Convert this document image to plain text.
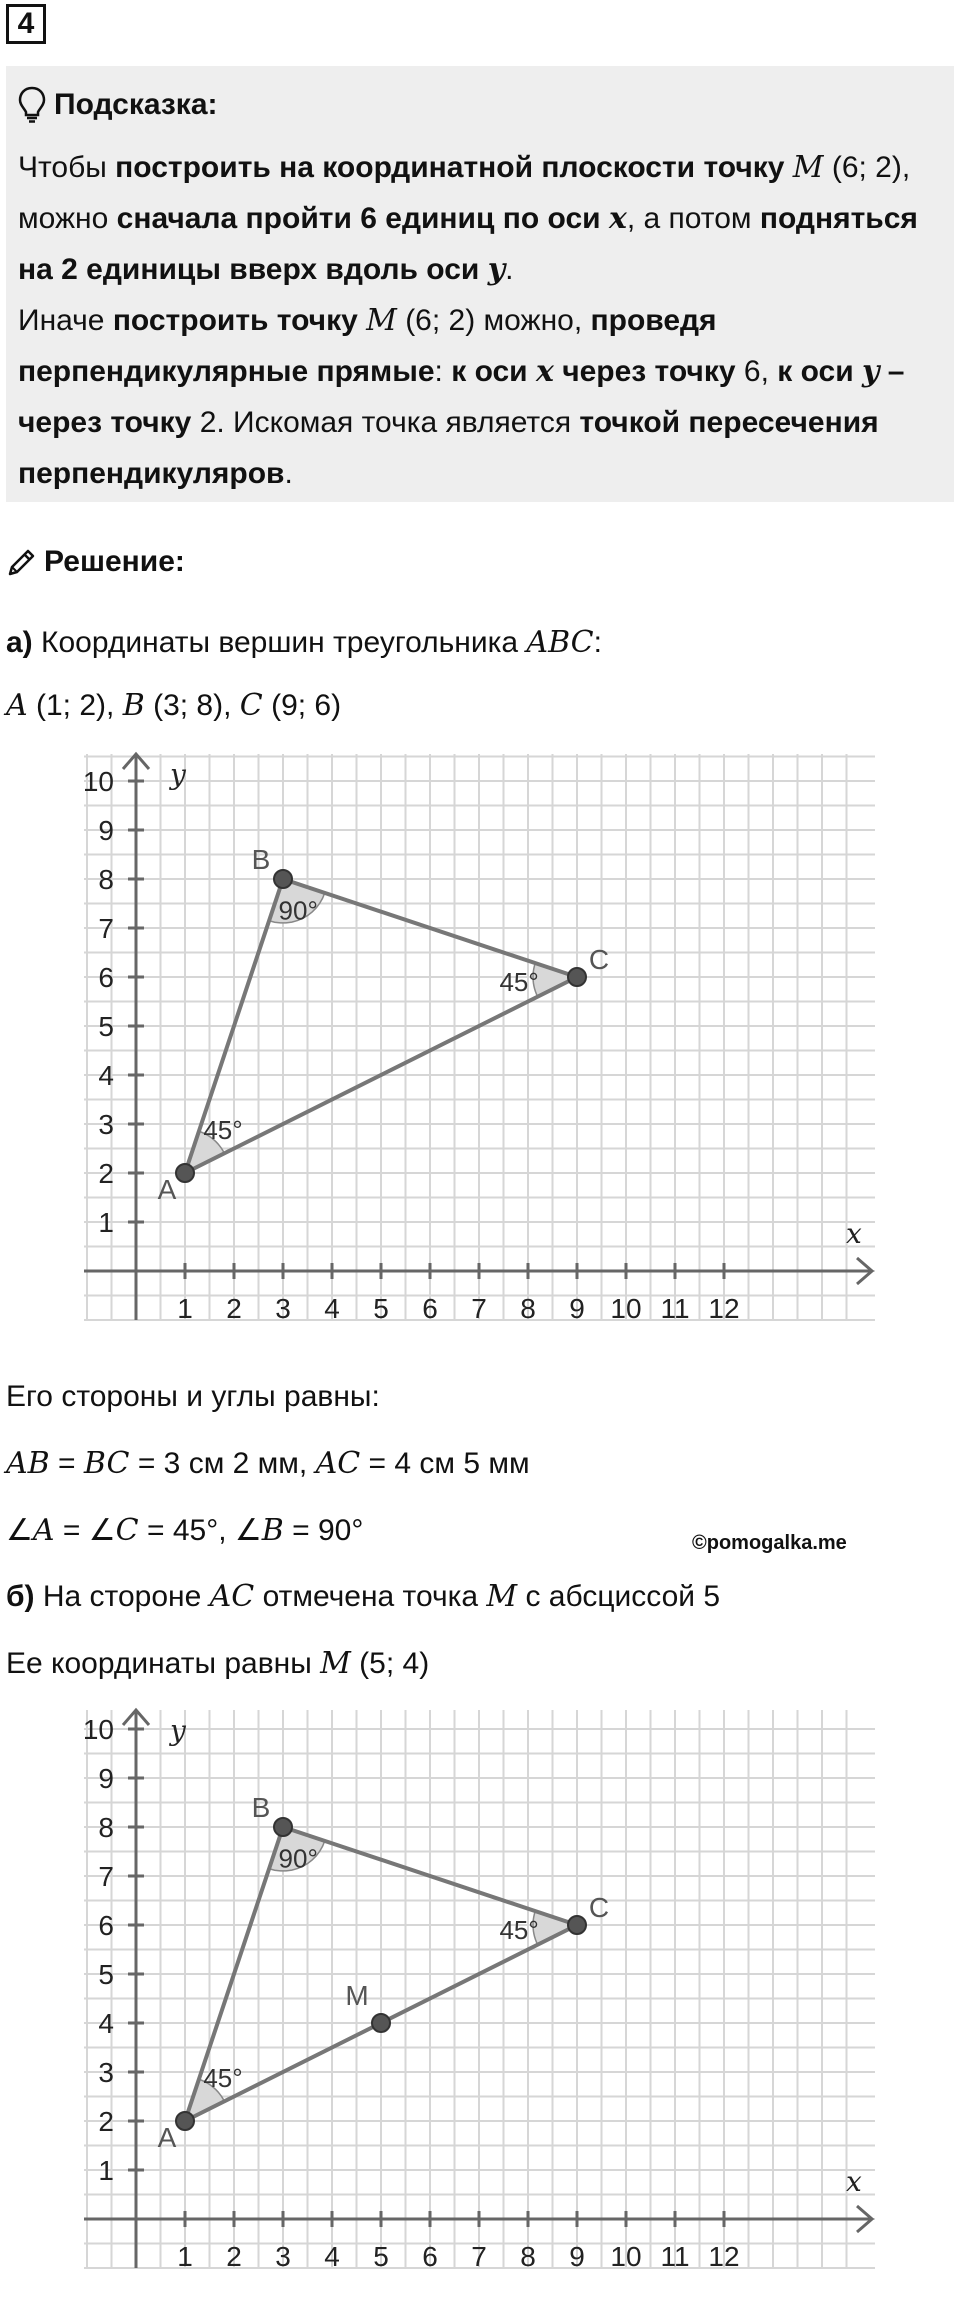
4
Подсказка:
Чтобы построить на координатной плоскости точку M (6; 2), можно сначала пройти 6 единиц по оси x, а потом подняться на 2 единицы вверх вдоль оси y.
Иначе построить точку M (6; 2) можно, проведя перпендикулярные прямые: к оси x через точку 6, к оси y – через точку 2. Искомая точка является точкой пересечения перпендикуляров.
Решение:
а) Координаты вершин треугольника ABC:
A (1; 2), B (3; 8), C (9; 6)
x
y
1 2 3 4 5 6 7 8 9 10 11 12
1
2
3
4
5
6
7
8
9
10
45°
90°
45°
A
B
C
Его стороны и углы равны:
AB = BC = 3 см 2 мм, AC = 4 см 5 мм
∠A = ∠C = 45°, ∠B = 90°	©pomogalka.me
б) На стороне AC отмечена точка M с абсциссой 5
Ее координаты равны M (5; 4)
x
y
1 2 3 4 5 6 7 8 9 10 11 12
1
2
3
4
5
6
7
8
9
10
45°
90°
45°
A
B
C
M
